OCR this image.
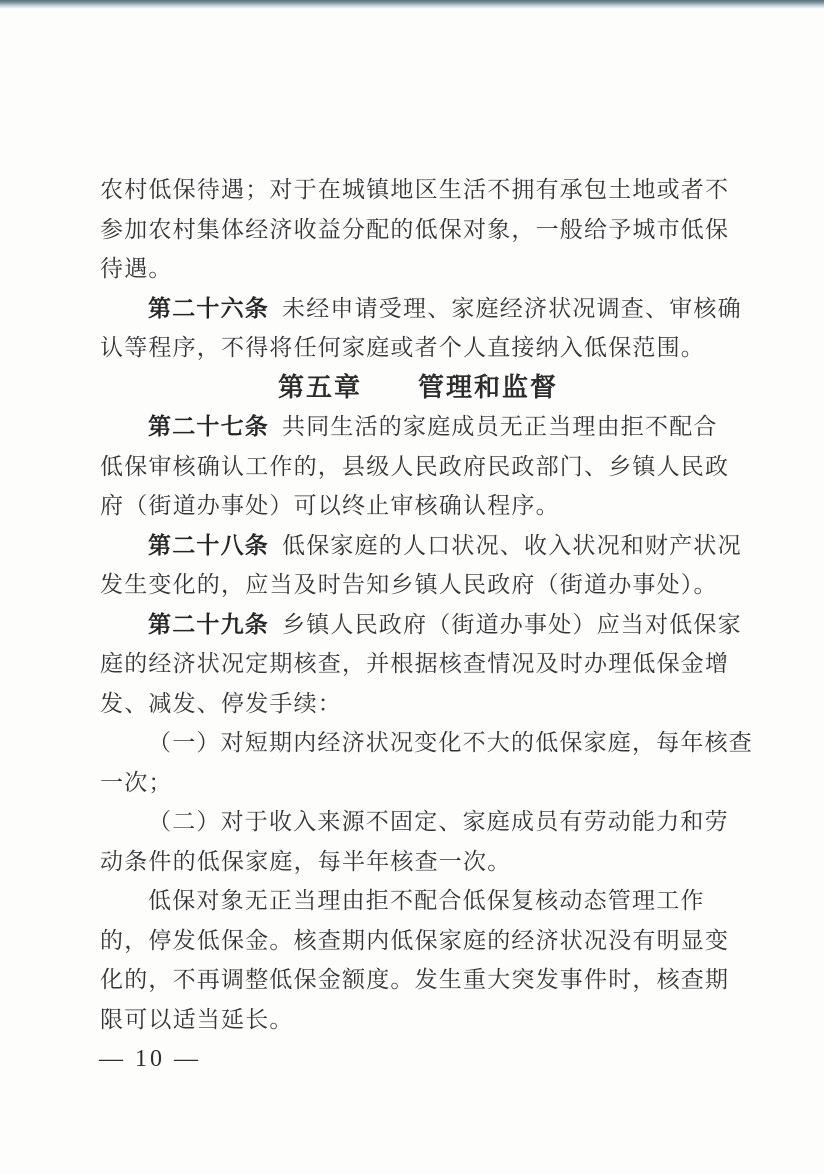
农村低保待遇；对于在城镇地区生活不拥有承包土地或者不
参加农村集体经济收益分配的低保对象，一般给予城市低保
待遇。
第二十六条 未经申请受理、家庭经济状况调查、审核确
认等程序，不得将任何家庭或者个人直接纳入低保范围。
第五章　　管理和监督
第二十七条 共同生活的家庭成员无正当理由拒不配合
低保审核确认工作的，县级人民政府民政部门、乡镇人民政
府（街道办事处）可以终止审核确认程序。
第二十八条 低保家庭的人口状况、收入状况和财产状况
发生变化的，应当及时告知乡镇人民政府（街道办事处）。
第二十九条 乡镇人民政府（街道办事处）应当对低保家
庭的经济状况定期核查，并根据核查情况及时办理低保金增
发、减发、停发手续：
（一）对短期内经济状况变化不大的低保家庭，每年核查
一次；
（二）对于收入来源不固定、家庭成员有劳动能力和劳
动条件的低保家庭，每半年核查一次。
低保对象无正当理由拒不配合低保复核动态管理工作
的，停发低保金。核查期内低保家庭的经济状况没有明显变
化的，不再调整低保金额度。发生重大突发事件时，核查期
限可以适当延长。
— 10 —
